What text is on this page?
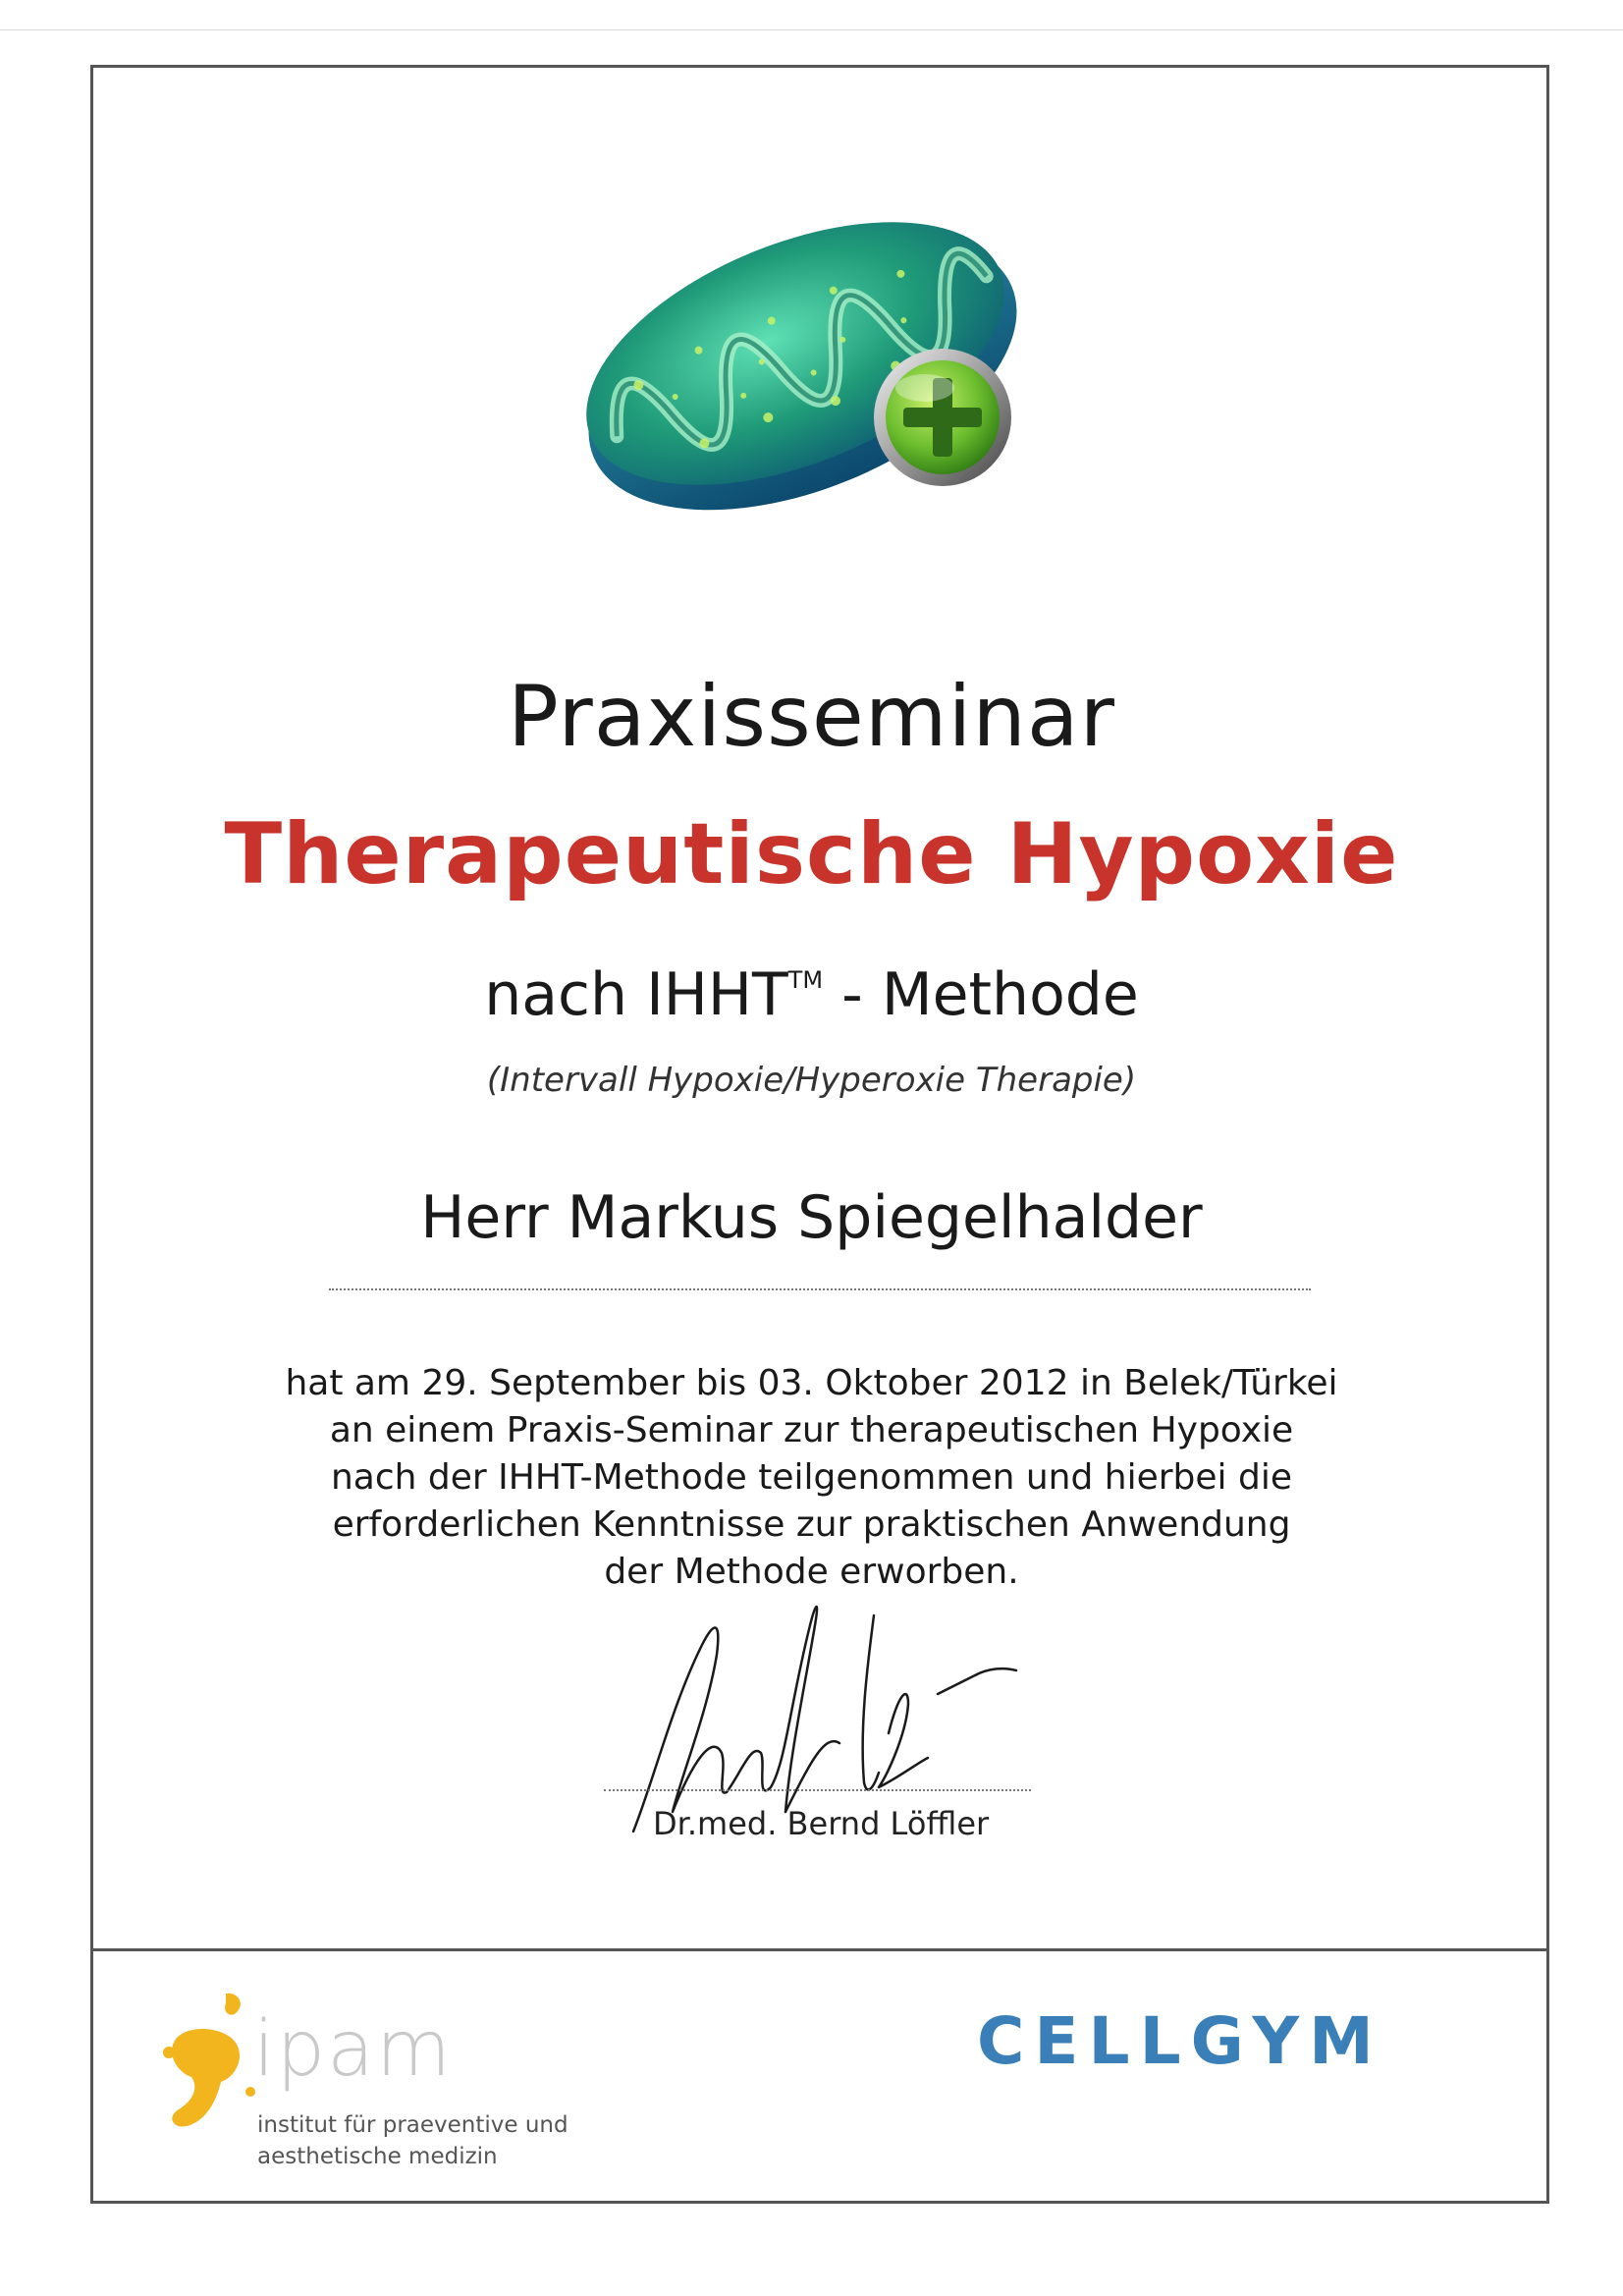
Praxisseminar
Therapeutische Hypoxie
nach IHHT™ - Methode
(Intervall Hypoxie/Hyperoxie Therapie)
Herr Markus Spiegelhalder
hat am 29. September bis 03. Oktober 2012 in Belek/Türkei
an einem Praxis-Seminar zur therapeutischen Hypoxie
nach der IHHT-Methode teilgenommen und hierbei die
erforderlichen Kenntnisse zur praktischen Anwendung
der Methode erworben.
Dr.med. Bernd Löffler
ipam
institut für praeventive und
aesthetische medizin
CELLGYM
